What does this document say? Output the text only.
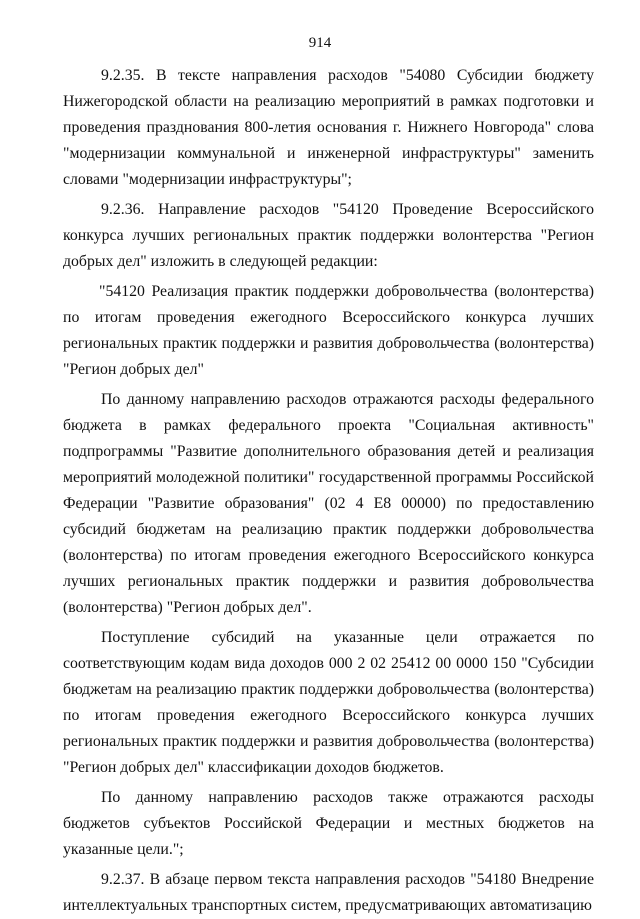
914

9.2.35. В тексте направления расходов "54080 Субсидии бюджету Нижегородской области на реализацию мероприятий в рамках подготовки и проведения празднования 800-летия основания г. Нижнего Новгорода" слова "модернизации коммунальной и инженерной инфраструктуры" заменить словами "модернизации инфраструктуры";

9.2.36. Направление расходов "54120 Проведение Всероссийского конкурса лучших региональных практик поддержки волонтерства "Регион добрых дел" изложить в следующей редакции:

"54120 Реализация практик поддержки добровольчества (волонтерства) по итогам проведения ежегодного Всероссийского конкурса лучших региональных практик поддержки и развития добровольчества (волонтерства) "Регион добрых дел"

По данному направлению расходов отражаются расходы федерального бюджета в рамках федерального проекта "Социальная активность" подпрограммы "Развитие дополнительного образования детей и реализация мероприятий молодежной политики" государственной программы Российской Федерации "Развитие образования" (02 4 E8 00000) по предоставлению субсидий бюджетам на реализацию практик поддержки добровольчества (волонтерства) по итогам проведения ежегодного Всероссийского конкурса лучших региональных практик поддержки и развития добровольчества (волонтерства) "Регион добрых дел".

Поступление субсидий на указанные цели отражается по соответствующим кодам вида доходов 000 2 02 25412 00 0000 150 "Субсидии бюджетам на реализацию практик поддержки добровольчества (волонтерства) по итогам проведения ежегодного Всероссийского конкурса лучших региональных практик поддержки и развития добровольчества (волонтерства) "Регион добрых дел" классификации доходов бюджетов.

По данному направлению расходов также отражаются расходы бюджетов субъектов Российской Федерации и местных бюджетов на указанные цели.";

9.2.37. В абзаце первом текста направления расходов "54180 Внедрение интеллектуальных транспортных систем, предусматривающих автоматизацию
